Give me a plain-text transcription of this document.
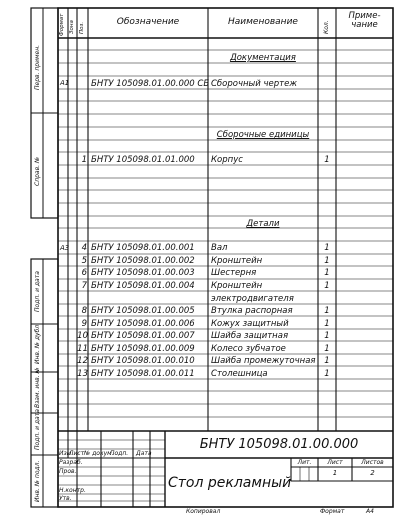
Формат Зона Поз.	Обозначение	Наименование	Кол.
Приме-
чание
Документация
Сборочные единицы
Детали
А1	БНТУ 105098.01.00.000 СБ Сборочный чертеж
1 БНТУ 105098.01.01.000 Корпус	1
А3	4 БНТУ 105098.01.00.001 Вал	1
5 БНТУ 105098.01.00.002 Кронштейн	1
6 БНТУ 105098.01.00.003 Шестерня	1
7 БНТУ 105098.01.00.004 Кронштейн	1
электродвигателя
8 БНТУ 105098.01.00.005 Втулка распорная	1
9 БНТУ 105098.01.00.006 Кожух защитный	1
10 БНТУ 105098.01.00.007 Шайба защитная	1
11 БНТУ 105098.01.00.009 Колесо зубчатое	1
12 БНТУ 105098.01.00.010 Шайба промежуточная	1
13 БНТУ 105098.01.00.011 Столешница	1
Перв. примен.
Справ. №
Подп. и дата
Инв. № дубл.
Взам. инв. №
Подп. и дата
Инв. № подл.
БНТУ 105098.01.00.000
Стол рекламный
Изм.
Лист № докум.
Подп. Дата
Разраб.
Пров.
Н.контр.
Утв.
Лит.	Лист	Листов
1	2
Копировал	Формат	А4
